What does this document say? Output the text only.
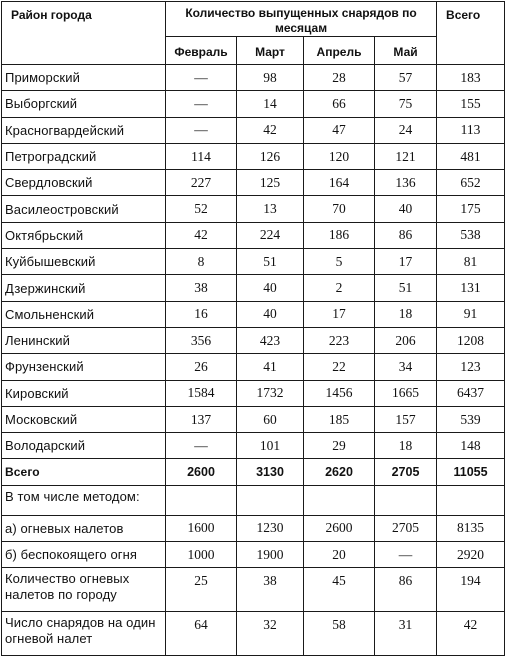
Район города	Количество выпущенных снарядов по месяцам				Всего
	Февраль	Март	Апрель	Май	
Приморский	—	98	28	57	183
Выборгский	—	14	66	75	155
Красногвардейский	—	42	47	24	113
Петроградский	114	126	120	121	481
Свердловский	227	125	164	136	652
Василеостровский	52	13	70	40	175
Октябрьский	42	224	186	86	538
Куйбышевский	8	51	5	17	81
Дзержинский	38	40	2	51	131
Смольненский	16	40	17	18	91
Ленинский	356	423	223	206	1208
Фрунзенский	26	41	22	34	123
Кировский	1584	1732	1456	1665	6437
Московский	137	60	185	157	539
Володарский	—	101	29	18	148
Всего	2600	3130	2620	2705	11055
В том числе методом:					
а) огневых налетов	1600	1230	2600	2705	8135
б) беспокоящего огня	1000	1900	20	—	2920
Количество огневых налетов по городу	25	38	45	86	194
Число снарядов на один огневой налет	64	32	58	31	42
